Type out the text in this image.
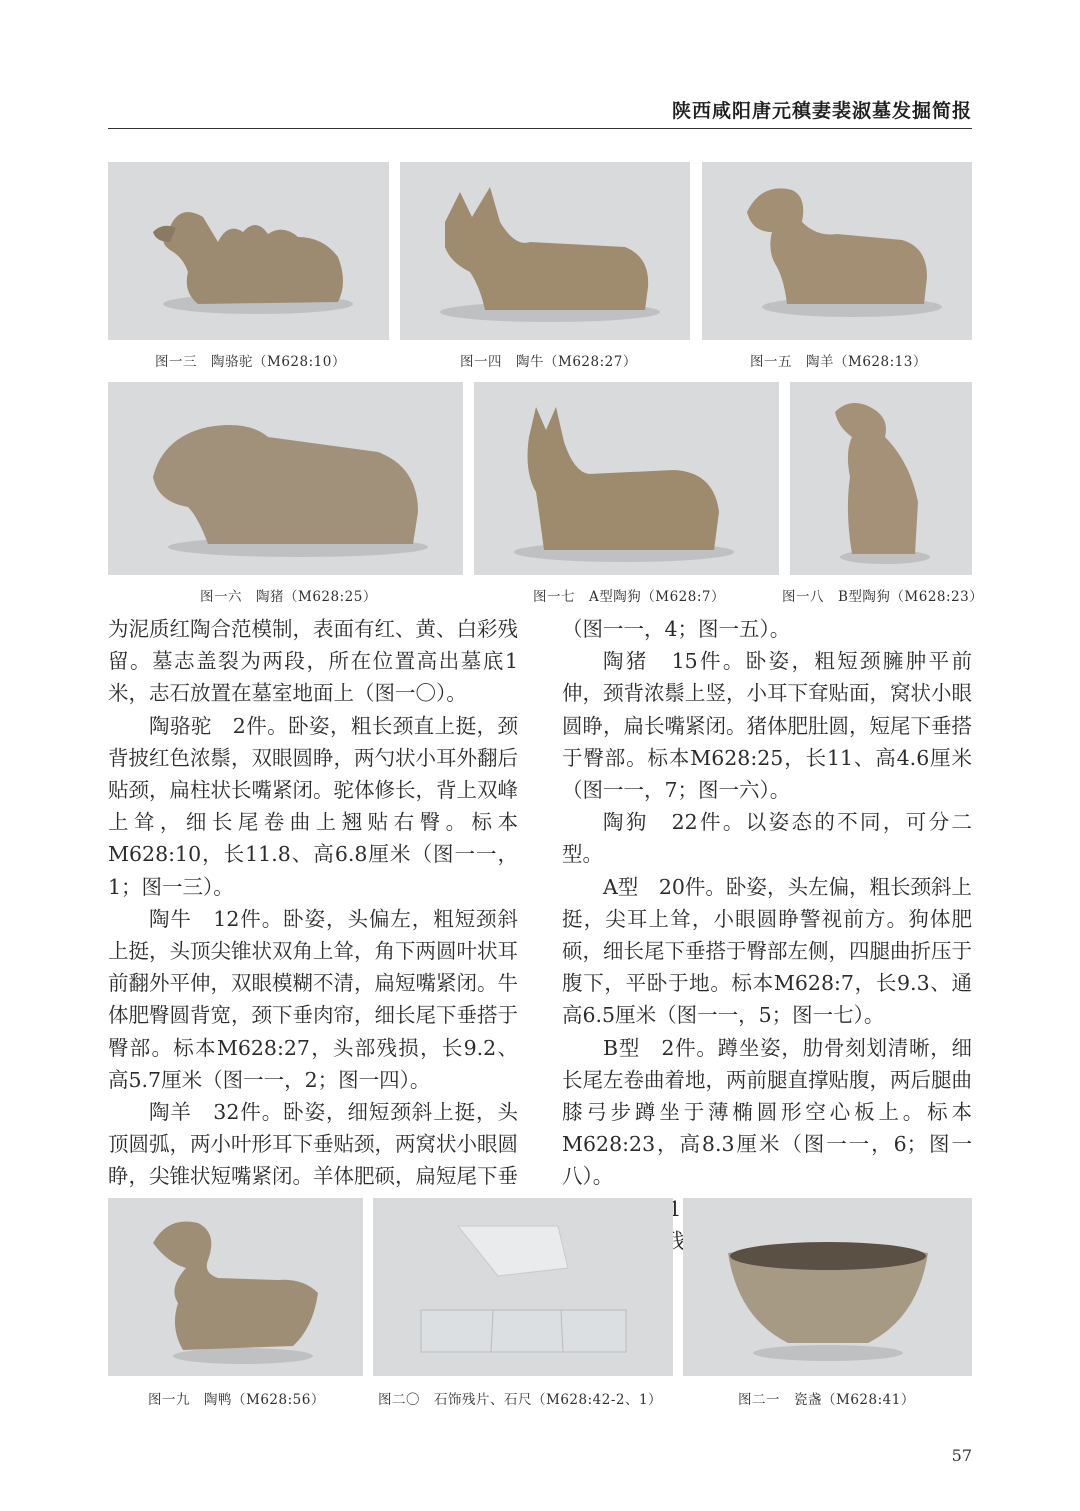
陕西咸阳唐元稹妻裴淑墓发掘简报
图一三　陶骆驼（M628:10）	图一四　陶牛（M628:27）	图一五　陶羊（M628:13）
图一六　陶猪（M628:25）	图一七　A型陶狗（M628:7）	图一八　B型陶狗（M628:23）

为泥质红陶合范模制，表面有红、黄、白彩残留。墓志盖裂为两段，所在位置高出墓底1米，志石放置在墓室地面上（图一〇）。

陶骆驼　2件。卧姿，粗长颈直上挺，颈背披红色浓鬃，双眼圆睁，两勺状小耳外翻后贴颈，扁柱状长嘴紧闭。驼体修长，背上双峰上耸，细长尾卷曲上翘贴右臀。标本M628:10，长11.8、高6.8厘米（图一一，1；图一三）。

陶牛　12件。卧姿，头偏左，粗短颈斜上挺，头顶尖锥状双角上耸，角下两圆叶状耳前翻外平伸，双眼模糊不清，扁短嘴紧闭。牛体肥臀圆背宽，颈下垂肉帘，细长尾下垂搭于臀部。标本M628:27，头部残损，长9.2、高5.7厘米（图一一，2；图一四）。

陶羊　32件。卧姿，细短颈斜上挺，头顶圆弧，两小叶形耳下垂贴颈，两窝状小眼圆睁，尖锥状短嘴紧闭。羊体肥硕，扁短尾下垂

（图一一，4；图一五）。

陶猪　15件。卧姿，粗短颈臃肿平前伸，颈背浓鬃上竖，小耳下耷贴面，窝状小眼圆睁，扁长嘴紧闭。猪体肥肚圆，短尾下垂搭于臀部。标本M628:25，长11、高4.6厘米（图一一，7；图一六）。

陶狗　22件。以姿态的不同，可分二型。

A型　20件。卧姿，头左偏，粗长颈斜上挺，尖耳上耸，小眼圆睁警视前方。狗体肥硕，细长尾下垂搭于臀部左侧，四腿曲折压于腹下，平卧于地。标本M628:7，长9.3、通高6.5厘米（图一一，5；图一七）。

B型　2件。蹲坐姿，肋骨刻划清晰，细长尾左卷曲着地，两前腿直撑贴腹，两后腿曲膝弓步蹲坐于薄椭圆形空心板上。标本M628:23，高8.3厘米（图一一，6；图一八）。

图一九　陶鸭（M628:56）	图二〇　石饰残片、石尺（M628:42-2、1）	图二一　瓷盏（M628:41）
57
